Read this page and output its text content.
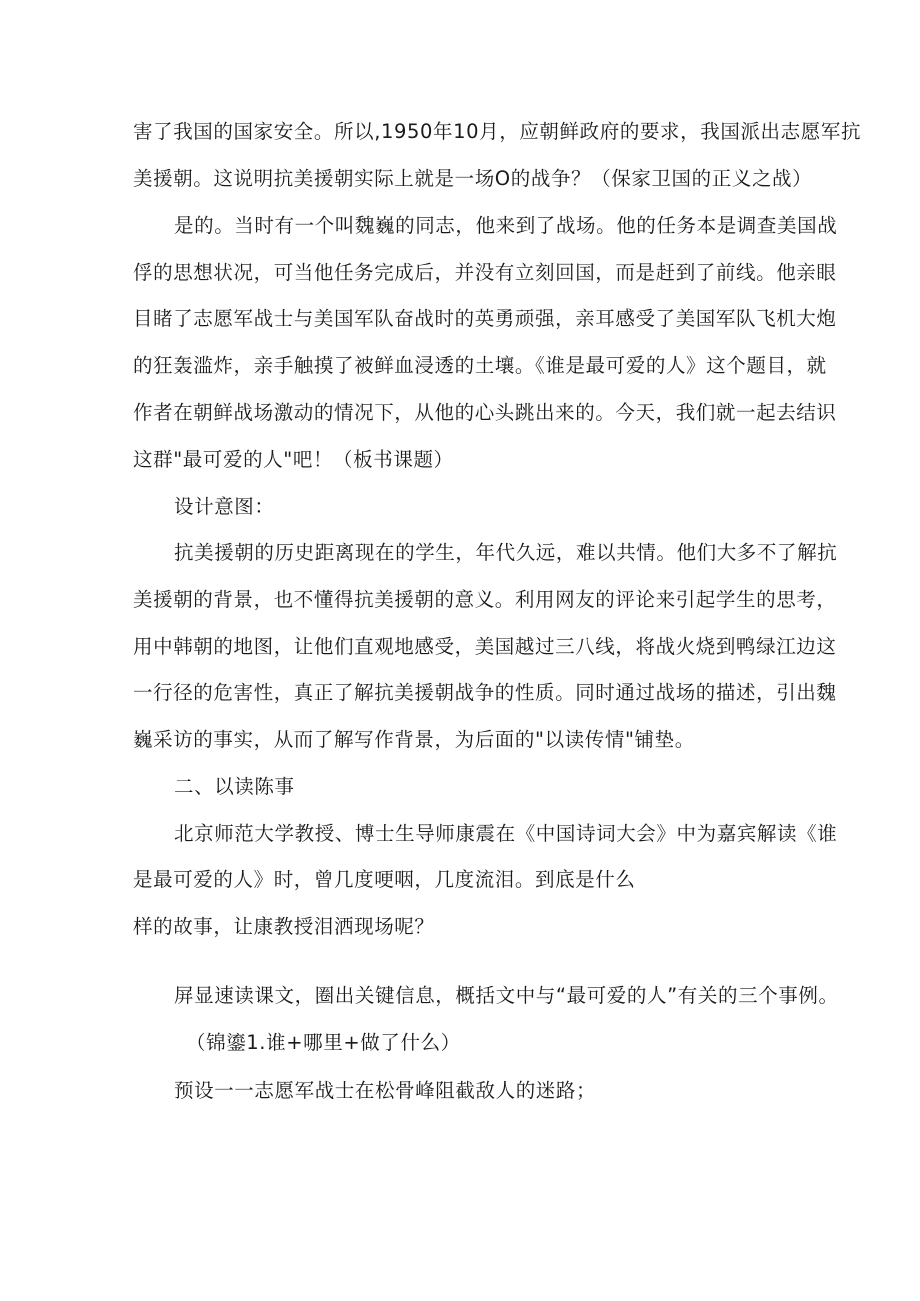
害了我国的国家安全。所以,1950年10月，应朝鲜政府的要求，我国派出志愿军抗
美援朝。这说明抗美援朝实际上就是一场O的战争？（保家卫国的正义之战）
是的。当时有一个叫魏巍的同志，他来到了战场。他的任务本是调查美国战
俘的思想状况，可当他任务完成后，并没有立刻回国，而是赶到了前线。他亲眼
目睹了志愿军战士与美国军队奋战时的英勇顽强，亲耳感受了美国军队飞机大炮
的狂轰滥炸，亲手触摸了被鲜血浸透的土壤。《谁是最可爱的人》这个题目，就
作者在朝鲜战场激动的情况下，从他的心头跳出来的。今天，我们就一起去结识
这群"最可爱的人"吧！（板书课题）
设计意图：
抗美援朝的历史距离现在的学生，年代久远，难以共情。他们大多不了解抗
美援朝的背景，也不懂得抗美援朝的意义。利用网友的评论来引起学生的思考，
用中韩朝的地图，让他们直观地感受，美国越过三八线，将战火烧到鸭绿江边这
一行径的危害性，真正了解抗美援朝战争的性质。同时通过战场的描述，引出魏
巍采访的事实，从而了解写作背景，为后面的"以读传情"铺垫。
二、以读陈事
北京师范大学教授、博士生导师康震在《中国诗词大会》中为嘉宾解读《谁
是最可爱的人》时，曾几度哽咽，几度流泪。到底是什么
样的故事，让康教授泪洒现场呢？
屏显速读课文，圈出关键信息，概括文中与“最可爱的人”有关的三个事例。
（锦鎏1.谁+哪里+做了什么）
预设一一志愿军战士在松骨峰阻截敌人的迷路；
